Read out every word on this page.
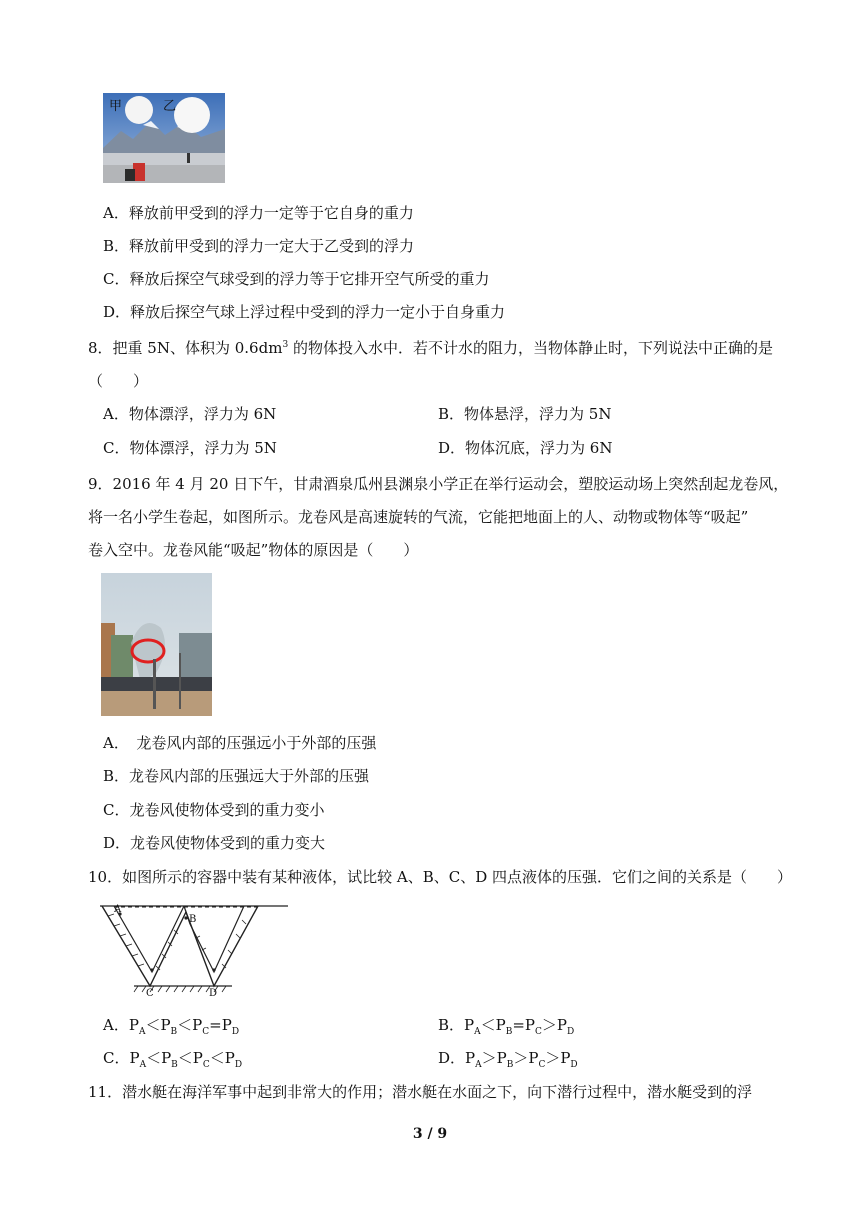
甲	乙
A．释放前甲受到的浮力一定等于它自身的重力
B．释放前甲受到的浮力一定大于乙受到的浮力
C．释放后探空气球受到的浮力等于它排开空气所受的重力
D．释放后探空气球上浮过程中受到的浮力一定小于自身重力
8．把重 5N、体积为 $0.6dm^3$ 的物体投入水中．若不计水的阻力，当物体静止时，下列说法中正确的是
（　　）
A．物体漂浮，浮力为 6N	B．物体悬浮，浮力为 5N
C．物体漂浮，浮力为 5N	D．物体沉底，浮力为 6N
9．2016 年 4 月 20 日下午，甘肃酒泉瓜州县渊泉小学正在举行运动会，塑胶运动场上突然刮起龙卷风，
将一名小学生卷起，如图所示。龙卷风是高速旋转的气流，它能把地面上的人、动物或物体等“吸起”
卷入空中。龙卷风能“吸起”物体的原因是（　　）
A．　龙卷风内部的压强远小于外部的压强
B．龙卷风内部的压强远大于外部的压强
C．龙卷风使物体受到的重力变小
D．龙卷风使物体受到的重力变大
10．如图所示的容器中装有某种液体，试比较 A、B、C、D 四点液体的压强．它们之间的关系是（　　）
A
B
C	D
A．$P_A<P_B<P_C=P_D$	B．$P_A<P_B=P_C>P_D$
C．$P_A<P_B<P_C<P_D$	D．$P_A>P_B>P_C>P_D$
11．潜水艇在海洋军事中起到非常大的作用；潜水艇在水面之下，向下潜行过程中，潜水艇受到的浮
3 / 9
